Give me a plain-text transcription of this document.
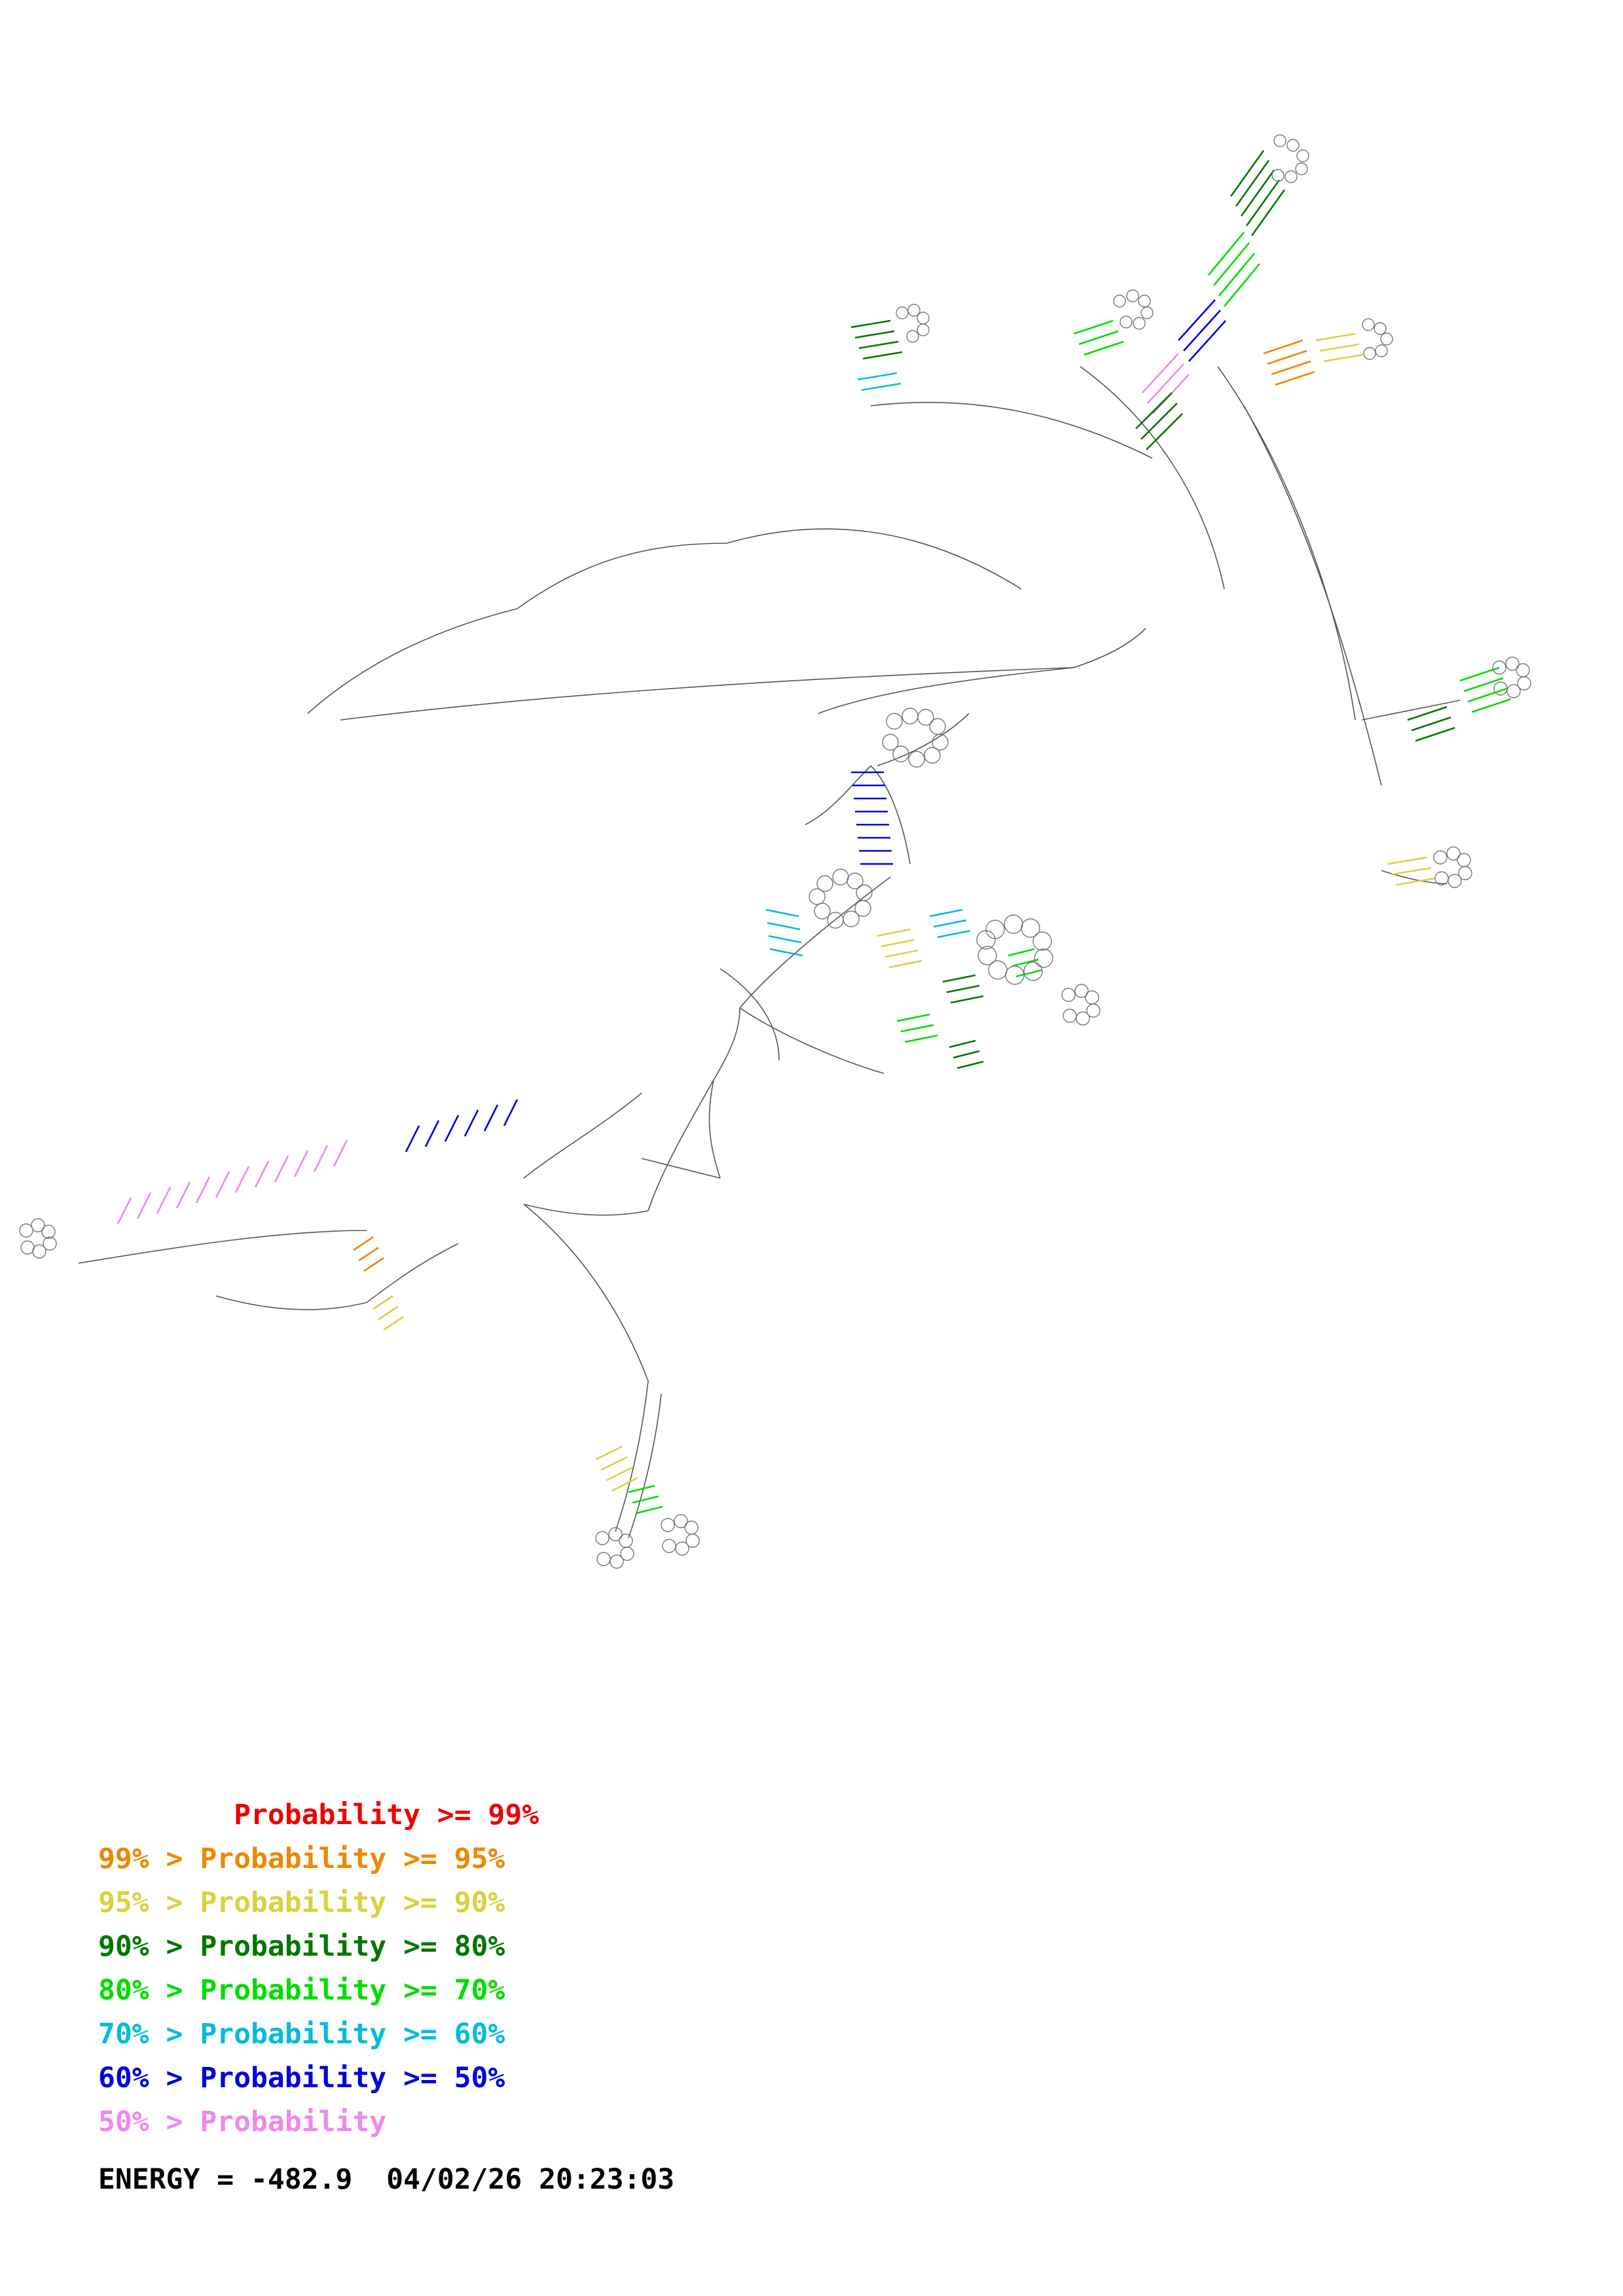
Probability >= 99%
99% > Probability >= 95%
95% > Probability >= 90%
90% > Probability >= 80%
80% > Probability >= 70%
70% > Probability >= 60%
60% > Probability >= 50%
50% > Probability
ENERGY = -482.9  04/02/26 20:23:03
